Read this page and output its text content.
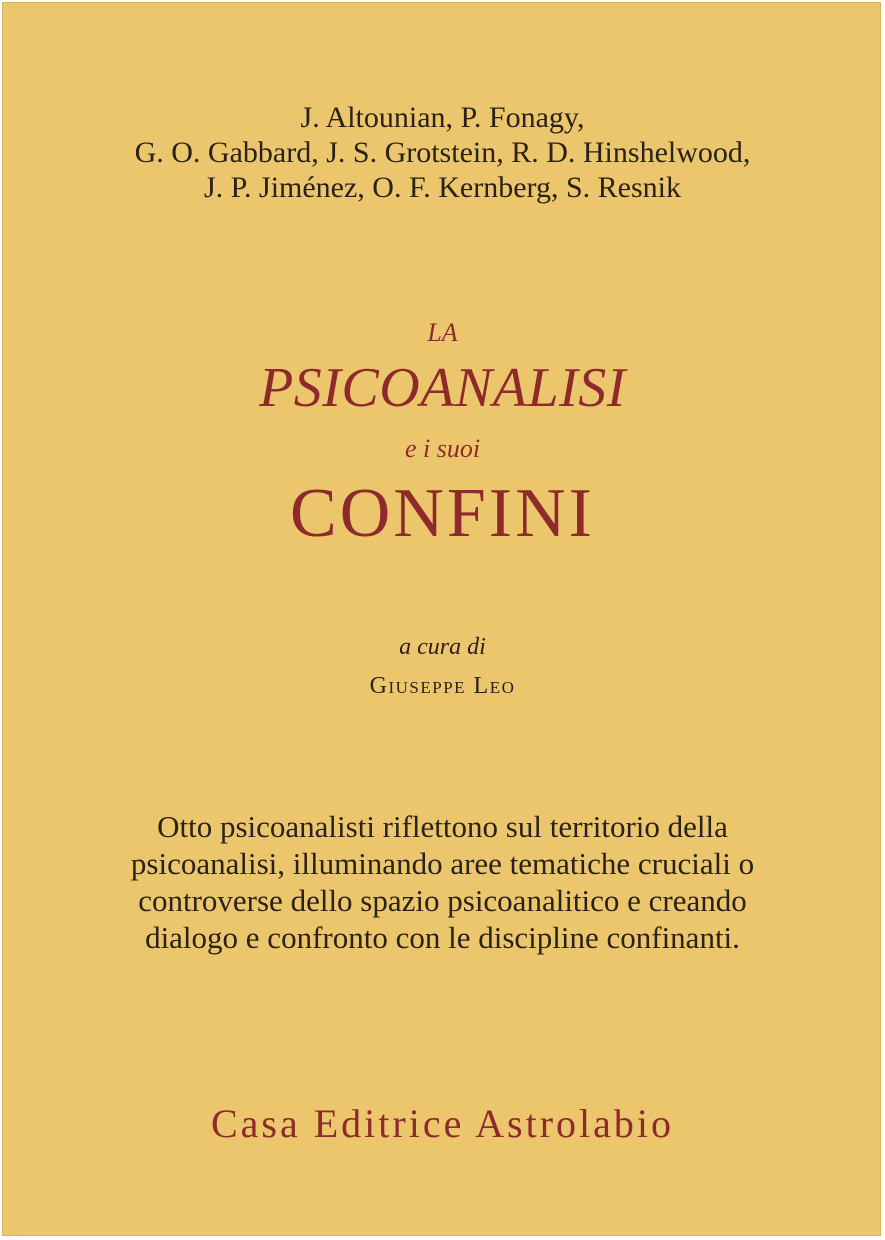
J. Altounian, P. Fonagy,
G. O. Gabbard, J. S. Grotstein, R. D. Hinshelwood,
J. P. Jiménez, O. F. Kernberg, S. Resnik
LA
PSICOANALISI
e i suoi
CONFINI
a cura di
Giuseppe Leo
Otto psicoanalisti riflettono sul territorio della
psicoanalisi, illuminando aree tematiche cruciali o
controverse dello spazio psicoanalitico e creando
dialogo e confronto con le discipline confinanti.
Casa Editrice Astrolabio
